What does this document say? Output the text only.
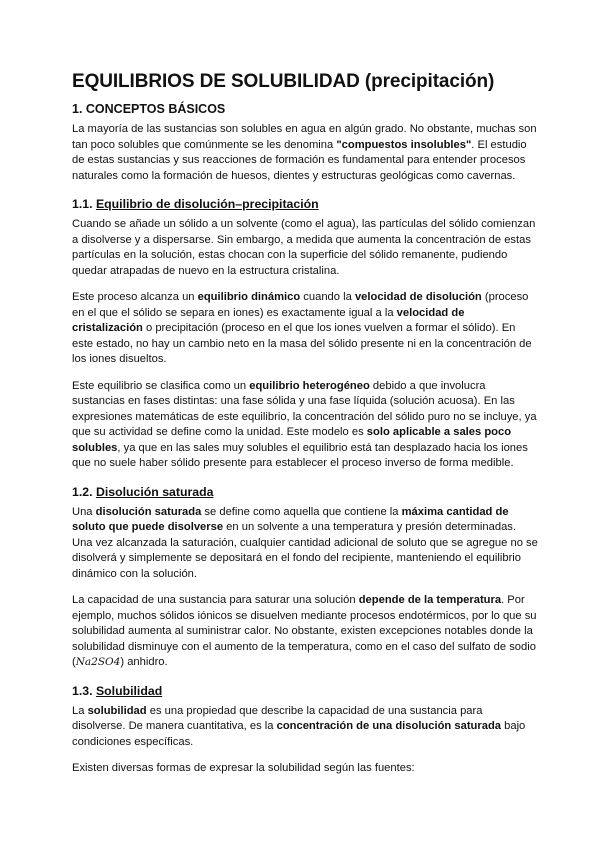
EQUILIBRIOS DE SOLUBILIDAD (precipitación)
1. CONCEPTOS BÁSICOS

La mayoría de las sustancias son solubles en agua en algún grado. No obstante, muchas son tan poco solubles que comúnmente se les denomina "compuestos insolubles". El estudio de estas sustancias y sus reacciones de formación es fundamental para entender procesos naturales como la formación de huesos, dientes y estructuras geológicas como cavernas.

1.1. Equilibrio de disolución–precipitación

Cuando se añade un sólido a un solvente (como el agua), las partículas del sólido comienzan a disolverse y a dispersarse. Sin embargo, a medida que aumenta la concentración de estas partículas en la solución, estas chocan con la superficie del sólido remanente, pudiendo quedar atrapadas de nuevo en la estructura cristalina.

Este proceso alcanza un equilibrio dinámico cuando la velocidad de disolución (proceso en el que el sólido se separa en iones) es exactamente igual a la velocidad de cristalización o precipitación (proceso en el que los iones vuelven a formar el sólido). En este estado, no hay un cambio neto en la masa del sólido presente ni en la concentración de los iones disueltos.

Este equilibrio se clasifica como un equilibrio heterogéneo debido a que involucra sustancias en fases distintas: una fase sólida y una fase líquida (solución acuosa). En las expresiones matemáticas de este equilibrio, la concentración del sólido puro no se incluye, ya que su actividad se define como la unidad. Este modelo es solo aplicable a sales poco solubles, ya que en las sales muy solubles el equilibrio está tan desplazado hacia los iones que no suele haber sólido presente para establecer el proceso inverso de forma medible.

1.2. Disolución saturada

Una disolución saturada se define como aquella que contiene la máxima cantidad de soluto que puede disolverse en un solvente a una temperatura y presión determinadas. Una vez alcanzada la saturación, cualquier cantidad adicional de soluto que se agregue no se disolverá y simplemente se depositará en el fondo del recipiente, manteniendo el equilibrio dinámico con la solución.

La capacidad de una sustancia para saturar una solución depende de la temperatura. Por ejemplo, muchos sólidos iónicos se disuelven mediante procesos endotérmicos, por lo que su solubilidad aumenta al suministrar calor. No obstante, existen excepciones notables donde la solubilidad disminuye con el aumento de la temperatura, como en el caso del sulfato de sodio (Na2SO4) anhidro.

1.3. Solubilidad

La solubilidad es una propiedad que describe la capacidad de una sustancia para disolverse. De manera cuantitativa, es la concentración de una disolución saturada bajo condiciones específicas.

Existen diversas formas de expresar la solubilidad según las fuentes:
